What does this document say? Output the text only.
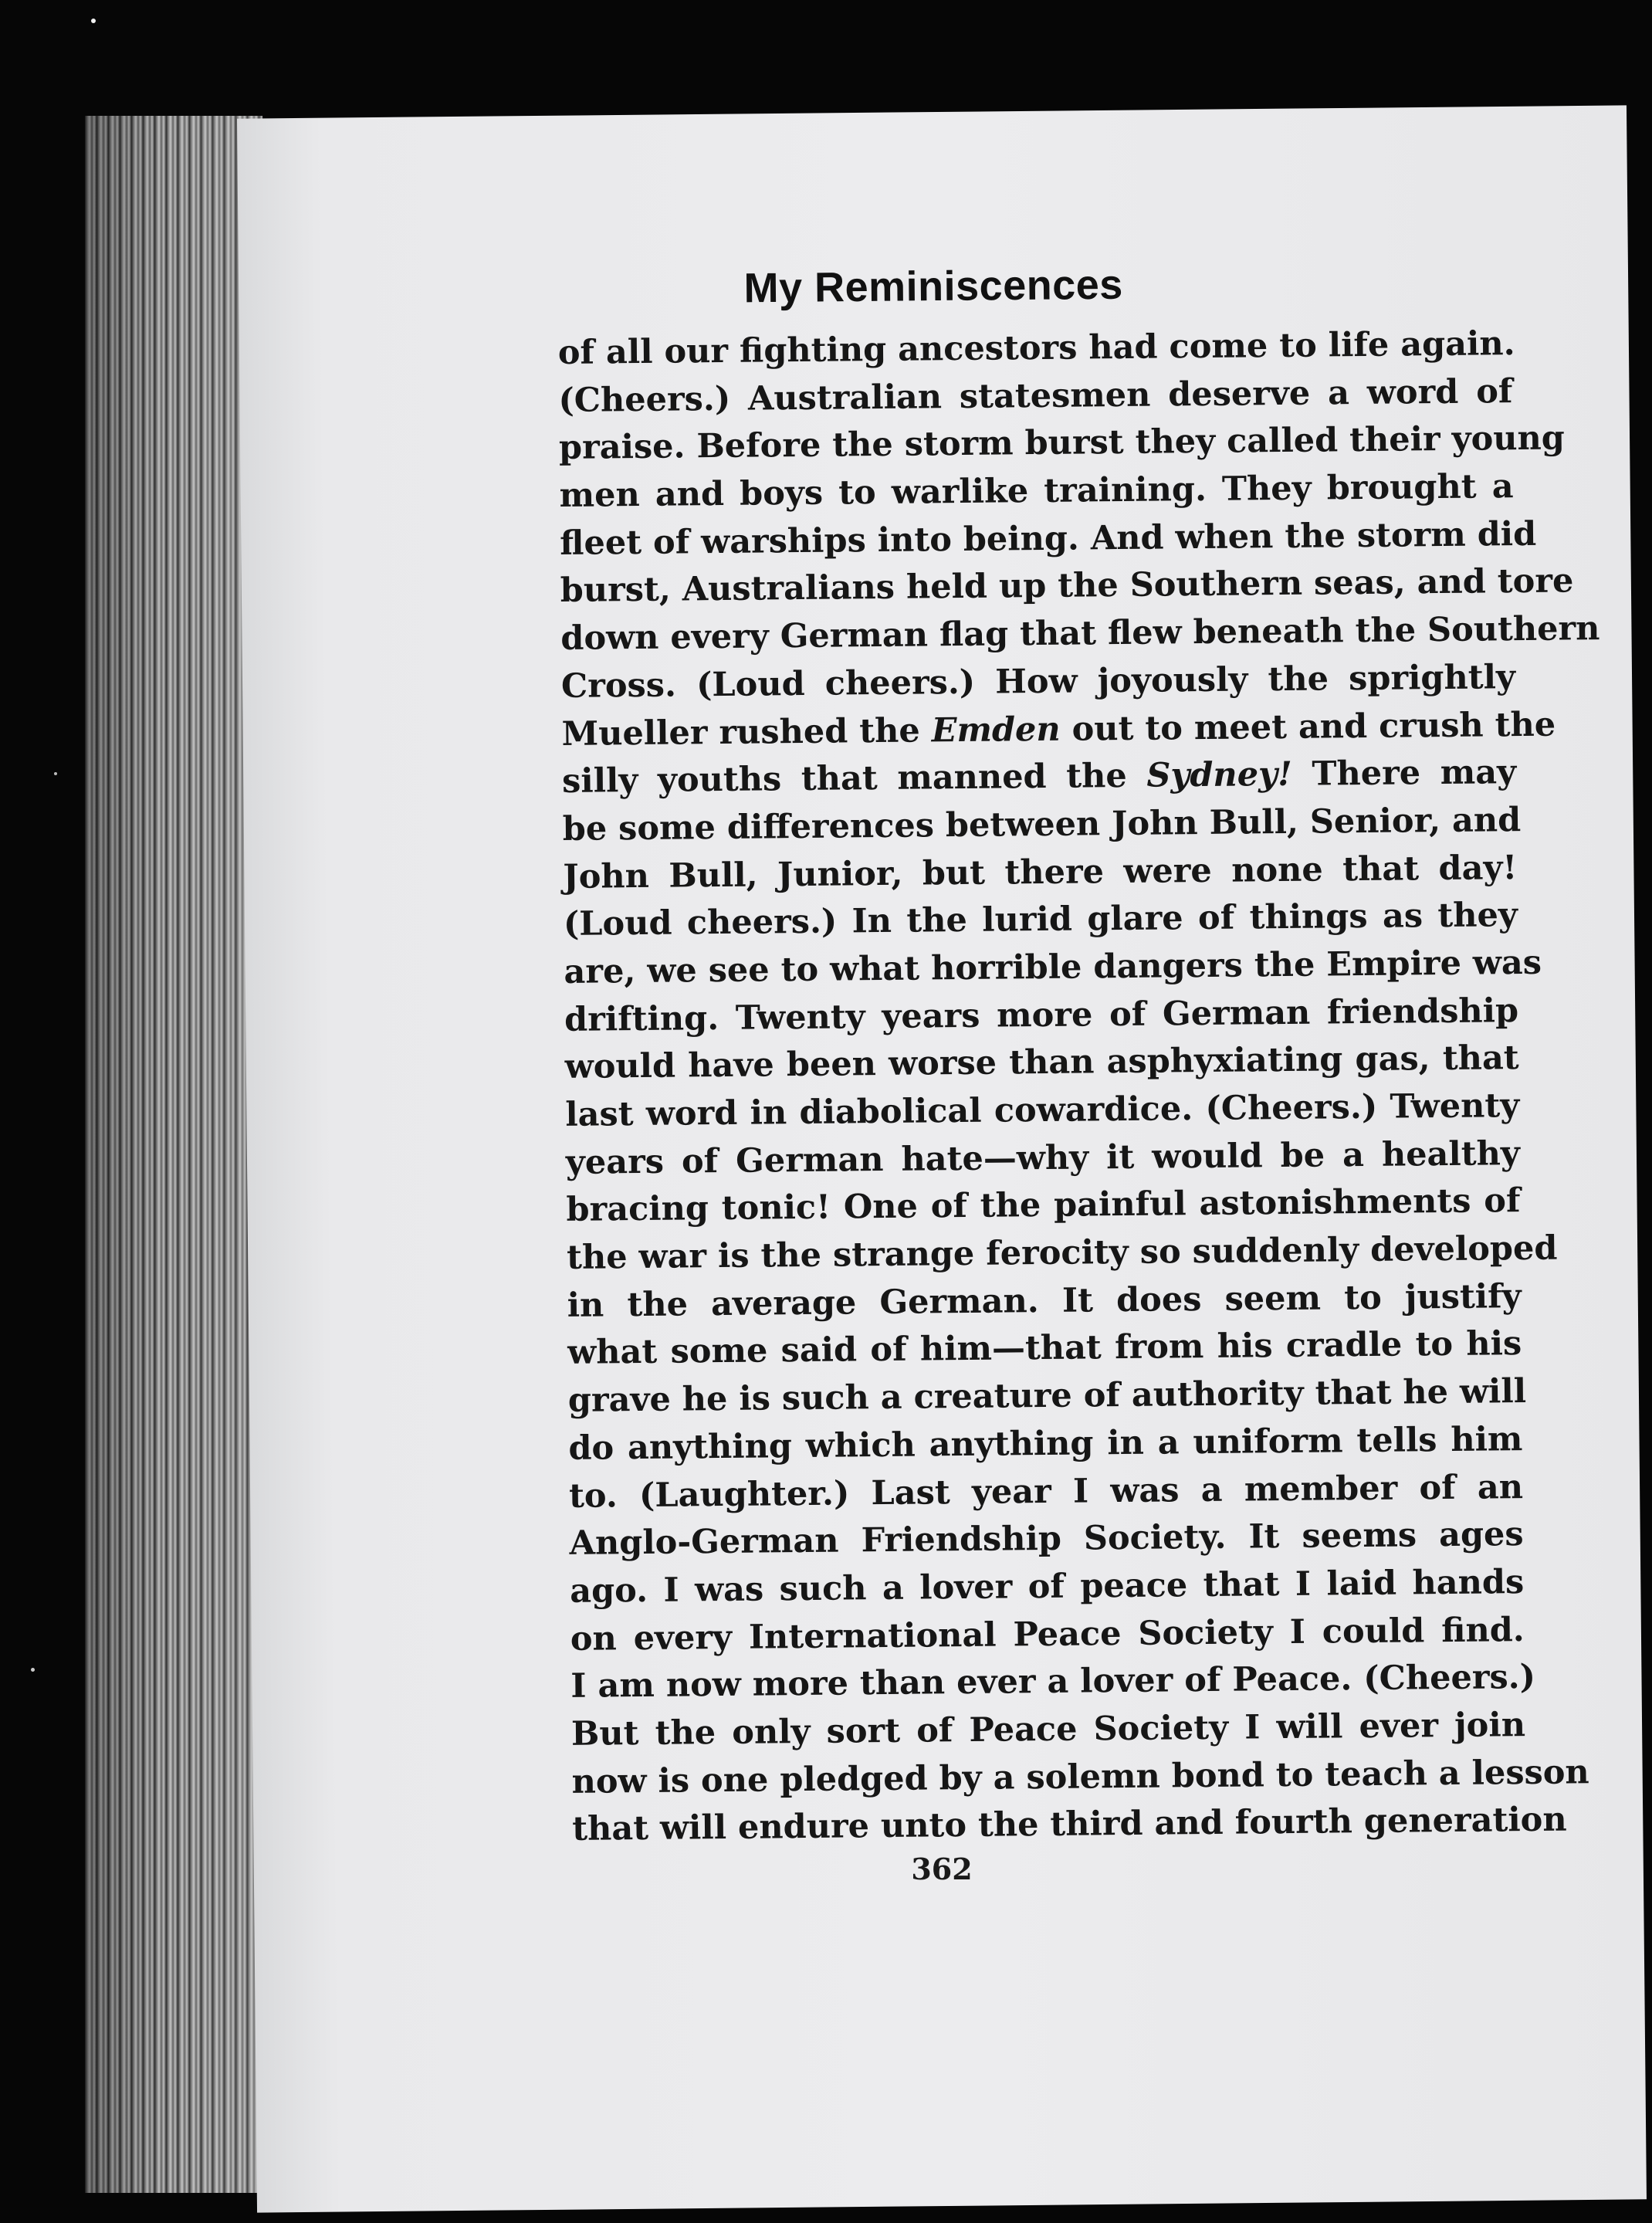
My Reminiscences
of all our fighting ancestors had come to life again.
(Cheers.) Australian statesmen deserve a word of
praise. Before the storm burst they called their young
men and boys to warlike training. They brought a
fleet of warships into being. And when the storm did
burst, Australians held up the Southern seas, and tore
down every German flag that flew beneath the Southern
Cross. (Loud cheers.) How joyously the sprightly
Mueller rushed the Emden out to meet and crush the
silly youths that manned the Sydney! There may
be some differences between John Bull, Senior, and
John Bull, Junior, but there were none that day!
(Loud cheers.) In the lurid glare of things as they
are, we see to what horrible dangers the Empire was
drifting. Twenty years more of German friendship
would have been worse than asphyxiating gas, that
last word in diabolical cowardice. (Cheers.) Twenty
years of German hate—why it would be a healthy
bracing tonic! One of the painful astonishments of
the war is the strange ferocity so suddenly developed
in the average German. It does seem to justify
what some said of him—that from his cradle to his
grave he is such a creature of authority that he will
do anything which anything in a uniform tells him
to. (Laughter.) Last year I was a member of an
Anglo-German Friendship Society. It seems ages
ago. I was such a lover of peace that I laid hands
on every International Peace Society I could find.
I am now more than ever a lover of Peace. (Cheers.)
But the only sort of Peace Society I will ever join
now is one pledged by a solemn bond to teach a lesson
that will endure unto the third and fourth generation
362
